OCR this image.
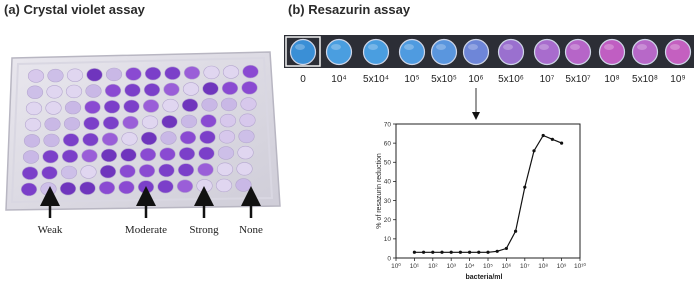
(a) Crystal violet assay
Weak	Moderate Strong None
(b) Resazurin assay
0	10⁴ 5x10⁴ 10⁵ 5x10⁵ 10⁶ 5x10⁶ 10⁷ 5x10⁷ 10⁸ 5x10⁸ 10⁹
0
10
20
30
40
50
60
70
10⁰ 10¹ 10² 10³ 10⁴ 10⁵ 10⁶ 10⁷ 10⁸ 10⁹ 10¹⁰
% of resazurin reduction
bacteria/ml
